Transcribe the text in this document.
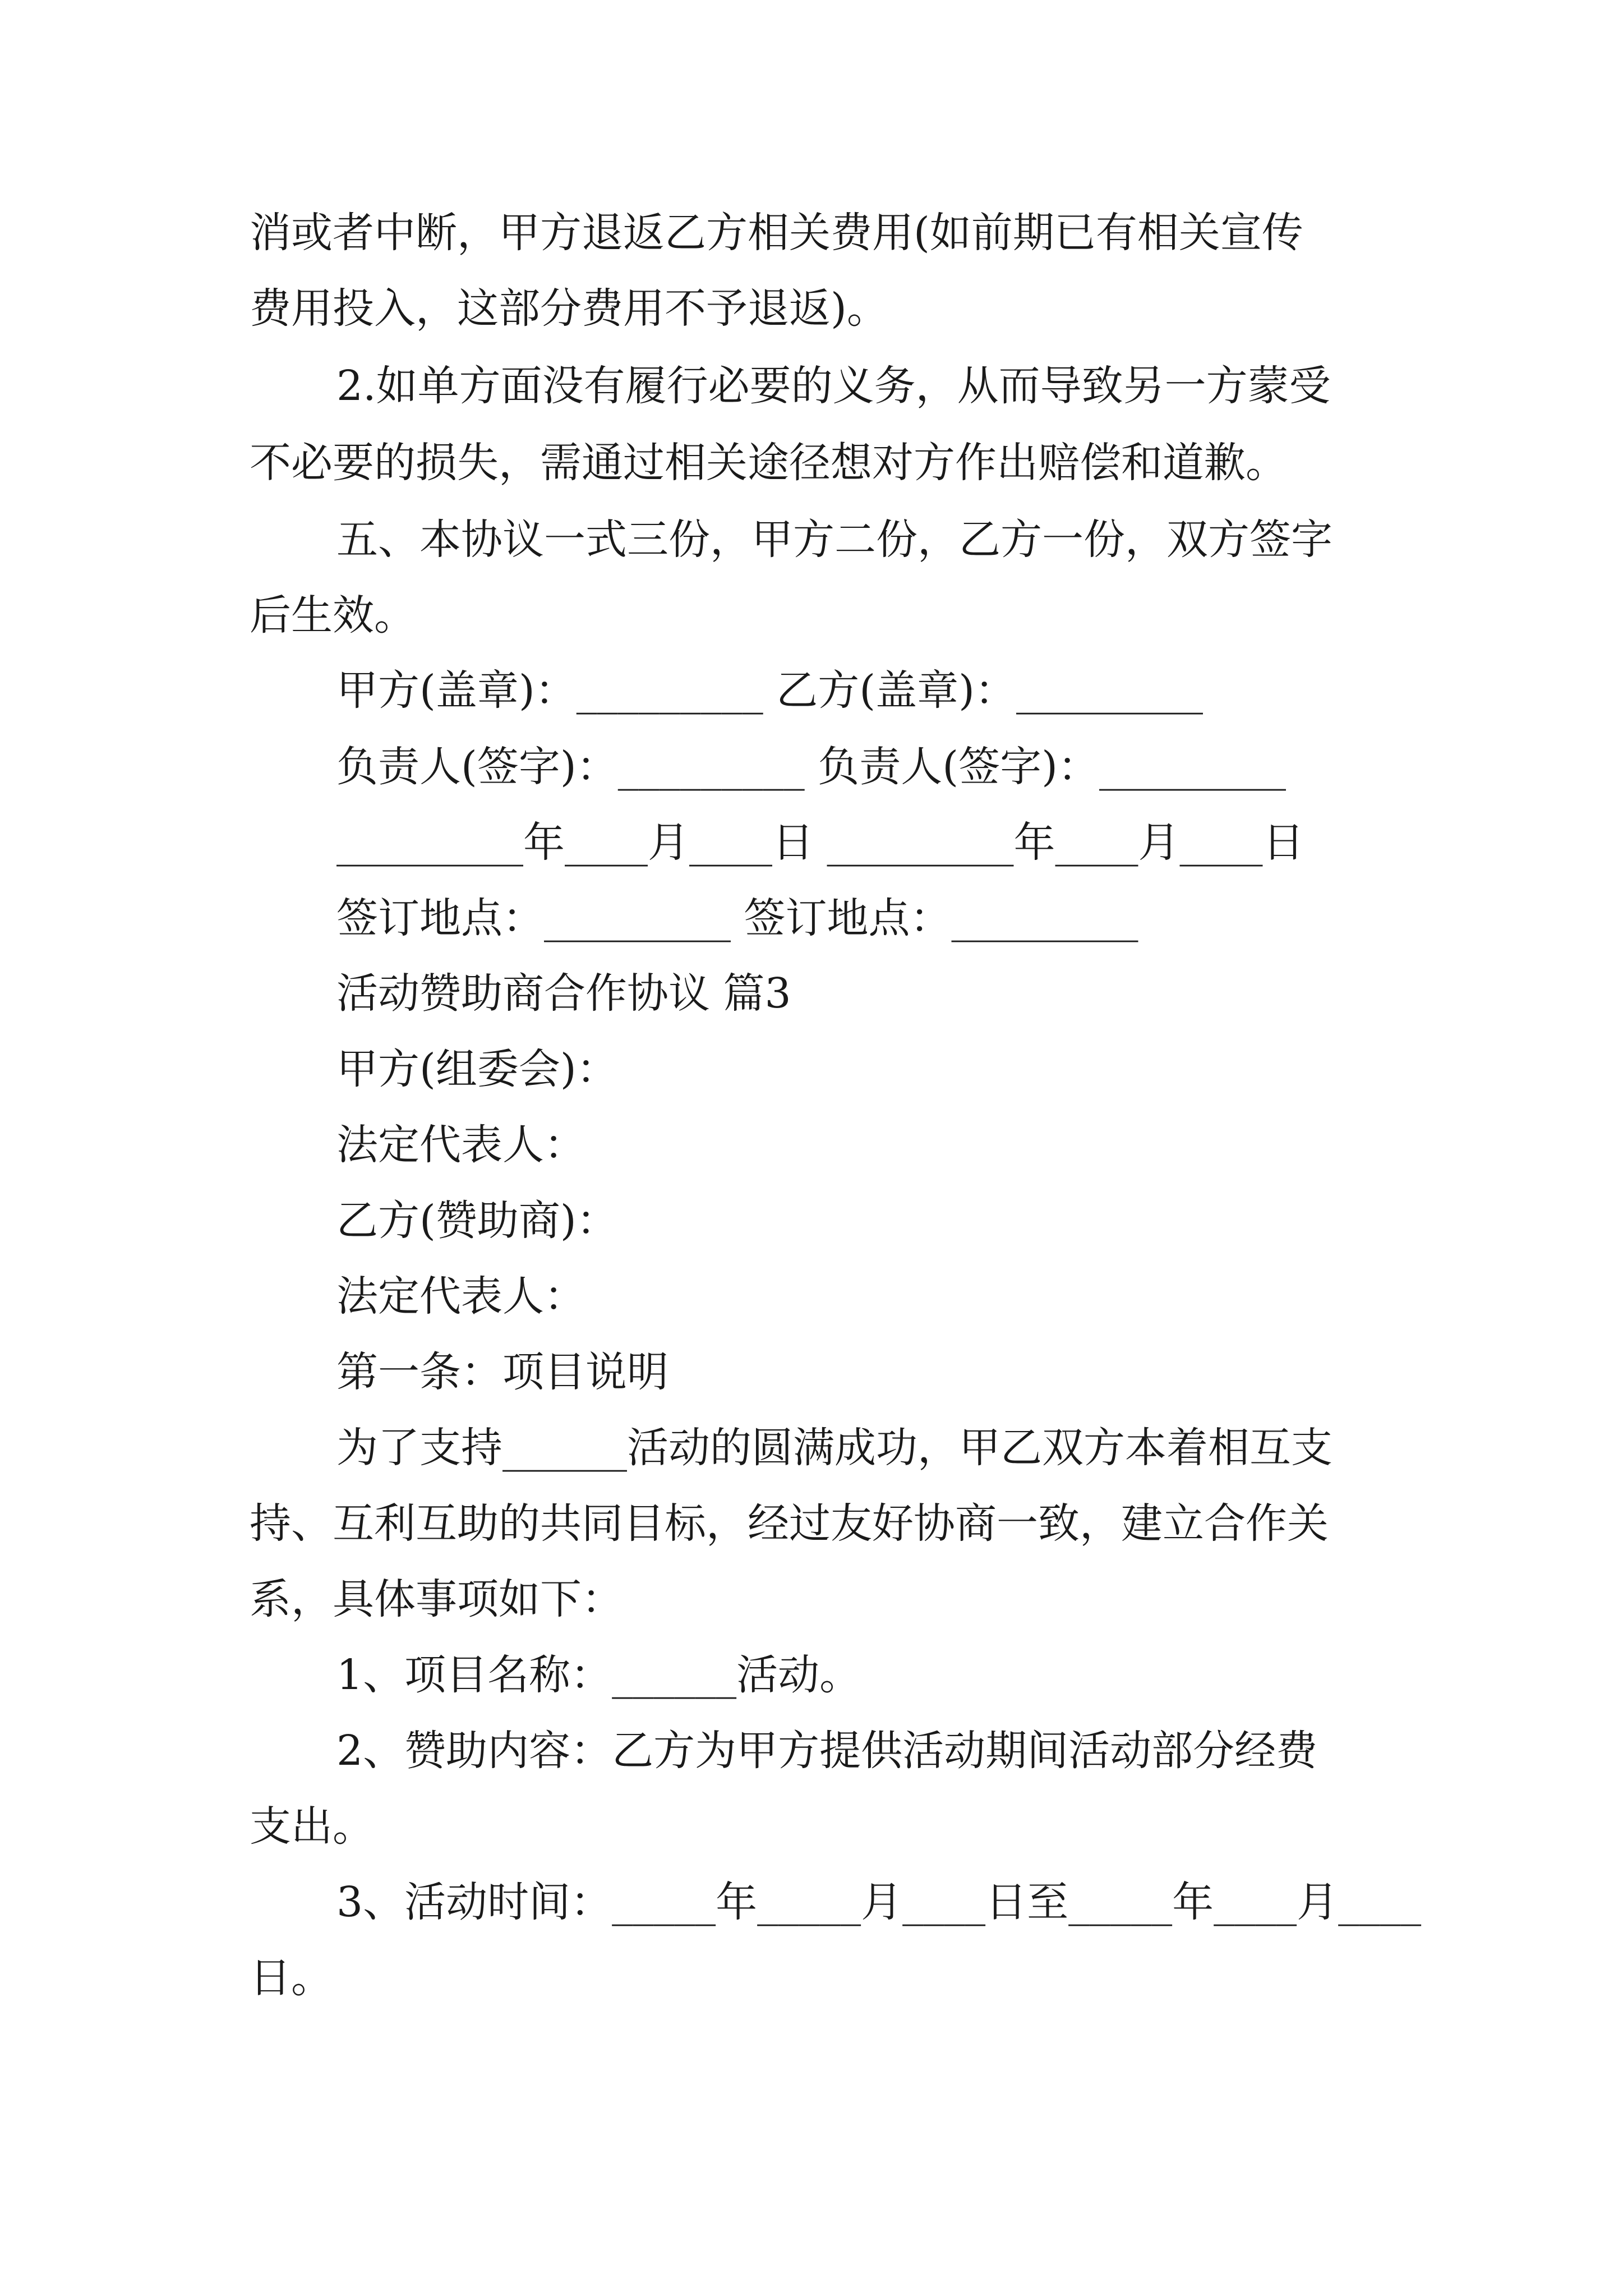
消或者中断，甲方退返乙方相关费用(如前期已有相关宣传
费用投入，这部分费用不予退返)。
2.如单方面没有履行必要的义务，从而导致另一方蒙受
不必要的损失，需通过相关途径想对方作出赔偿和道歉。
五、本协议一式三份，甲方二份，乙方一份，双方签字
后生效。
甲方(盖章)：_________ 乙方(盖章)：_________
负责人(签字)：_________ 负责人(签字)：_________
_________年____月____日 _________年____月____日
签订地点：_________ 签订地点：_________
活动赞助商合作协议 篇3
甲方(组委会)：
法定代表人：
乙方(赞助商)：
法定代表人：
第一条：项目说明
为了支持______活动的圆满成功，甲乙双方本着相互支
持、互利互助的共同目标，经过友好协商一致，建立合作关
系，具体事项如下：
1、项目名称：______活动。
2、赞助内容：乙方为甲方提供活动期间活动部分经费
支出。
3、活动时间：_____年_____月____日至_____年____月____
日。
